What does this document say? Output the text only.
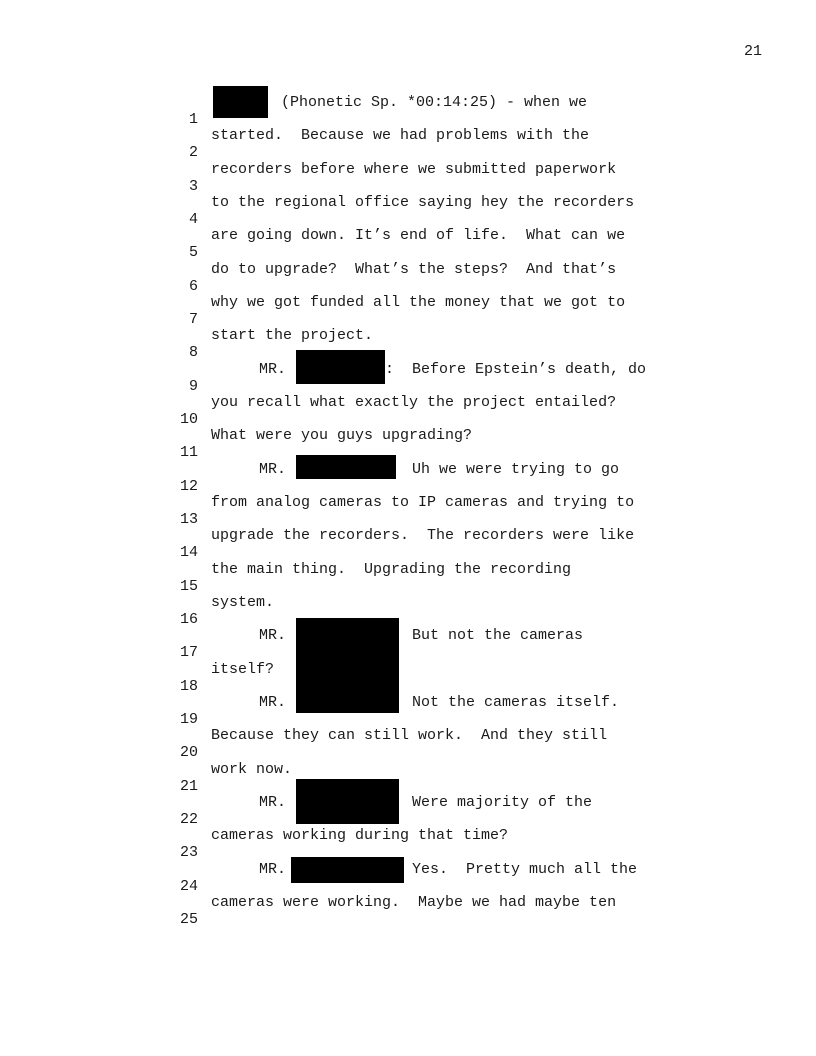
21

1

(Phonetic Sp. *00:14:25) - when we

2

started.  Because we had problems with the

3

recorders before where we submitted paperwork

4

to the regional office saying hey the recorders

5

are going down. It’s end of life.  What can we

6

do to upgrade?  What’s the steps?  And that’s

7

why we got funded all the money that we got to

8

start the project.

9

MR.

	:  Before Epstein’s death, do

10

you recall what exactly the project entailed?

11

What were you guys upgrading?

12

MR.

	Uh we were trying to go

13

from analog cameras to IP cameras and trying to

14

upgrade the recorders.  The recorders were like

15

the main thing.  Upgrading the recording

16

system.

17

MR.

	But not the cameras

18

itself?

19

MR.

	Not the cameras itself.

20

Because they can still work.  And they still

21

work now.

22

MR.

	Were majority of the

23

cameras working during that time?

24

MR.

	Yes.  Pretty much all the

25

cameras were working.  Maybe we had maybe ten
